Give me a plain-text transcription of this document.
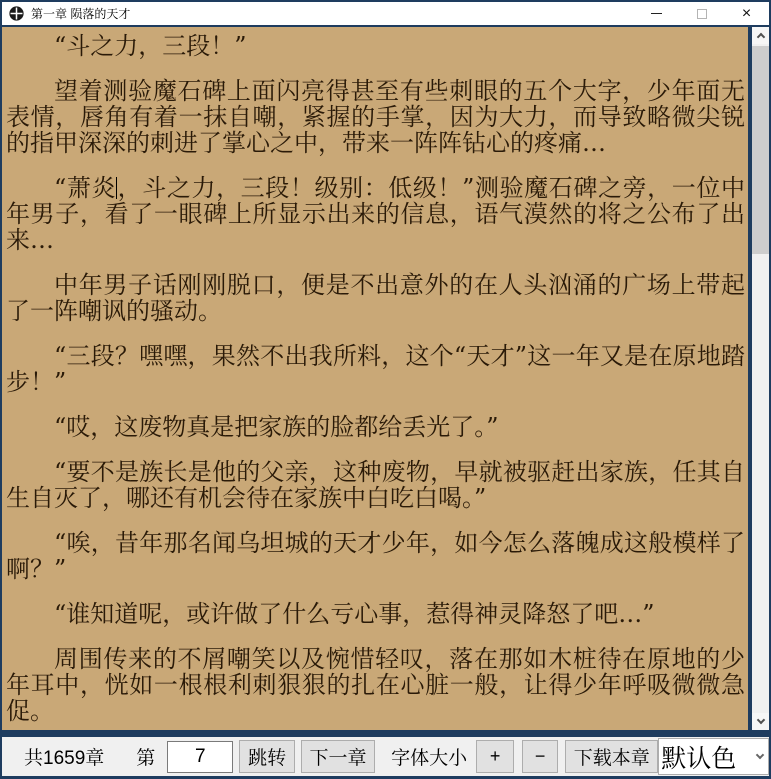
第一章 陨落的天才	×

“斗之力，三段！”

望着测验魔石碑上面闪亮得甚至有些刺眼的五个大字，少年面无表情，唇角有着一抹自嘲，紧握的手掌，因为大力，而导致略微尖锐的指甲深深的刺进了掌心之中，带来一阵阵钻心的疼痛…

“萧炎，斗之力，三段！级别：低级！”测验魔石碑之旁，一位中年男子，看了一眼碑上所显示出来的信息，语气漠然的将之公布了出来…

中年男子话刚刚脱口，便是不出意外的在人头汹涌的广场上带起了一阵嘲讽的骚动。

“三段？嘿嘿，果然不出我所料，这个“天才”这一年又是在原地踏步！”

“哎，这废物真是把家族的脸都给丢光了。”

“要不是族长是他的父亲，这种废物，早就被驱赶出家族，任其自生自灭了，哪还有机会待在家族中白吃白喝。”

“唉，昔年那名闻乌坦城的天才少年，如今怎么落魄成这般模样了啊？”

“谁知道呢，或许做了什么亏心事，惹得神灵降怒了吧…”

周围传来的不屑嘲笑以及惋惜轻叹，落在那如木桩待在原地的少年耳中，恍如一根根利刺狠狠的扎在心脏一般，让得少年呼吸微微急促。

共1659章 第
7	跳转	下一章	字体大小	+	−	下载本章 默认色
